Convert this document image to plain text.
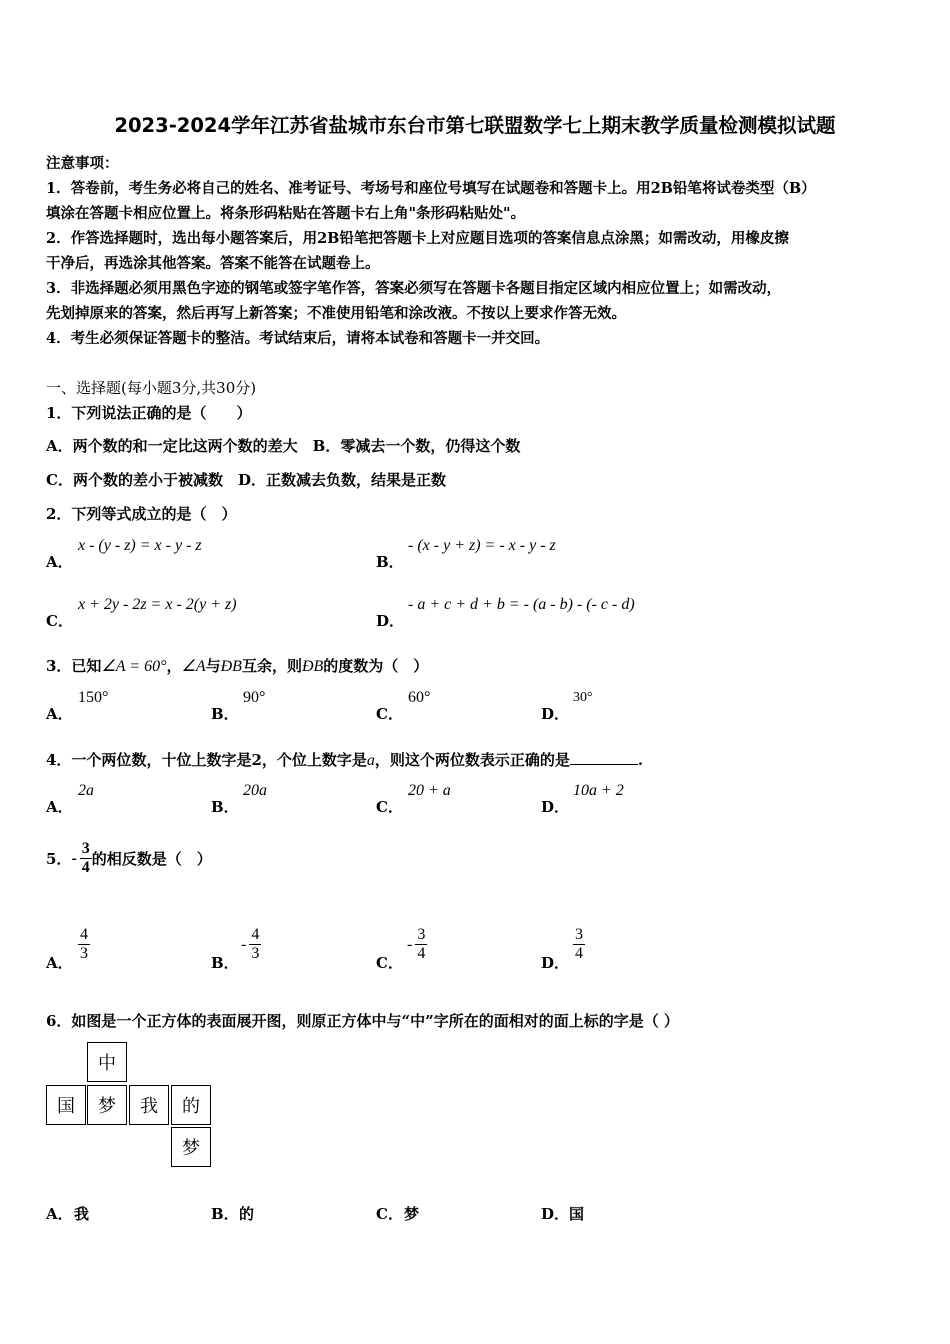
2023-2024学年江苏省盐城市东台市第七联盟数学七上期末教学质量检测模拟试题
注意事项：
1．答卷前，考生务必将自己的姓名、准考证号、考场号和座位号填写在试题卷和答题卡上。用2B铅笔将试卷类型（B）
填涂在答题卡相应位置上。将条形码粘贴在答题卡右上角"条形码粘贴处"。
2．作答选择题时，选出每小题答案后，用2B铅笔把答题卡上对应题目选项的答案信息点涂黑；如需改动，用橡皮擦
干净后，再选涂其他答案。答案不能答在试题卷上。
3．非选择题必须用黑色字迹的钢笔或签字笔作答，答案必须写在答题卡各题目指定区域内相应位置上；如需改动，
先划掉原来的答案，然后再写上新答案；不准使用铅笔和涂改液。不按以上要求作答无效。
4．考生必须保证答题卡的整洁。考试结束后，请将本试卷和答题卡一并交回。
一、选择题(每小题3分,共30分)
1．下列说法正确的是（　　）
A．两个数的和一定比这两个数的差大　B．零减去一个数，仍得这个数
C．两个数的差小于被减数　D．正数减去负数，结果是正数
2．下列等式成立的是（　）
A．
x - (y - z) = x - y - z
B．
- (x - y + z) = - x - y - z
C．
x + 2y - 2z = x - 2(y + z)
D．
- a + c + d + b = - (a - b) - (- c - d)
3．已知∠A = 60°，∠A与ÐB互余，则ÐB的度数为（　）
A．
150°
B．
90°
C．
60°
D．
30°
4．一个两位数，十位上数字是2，个位上数字是a，则这个两位数表示正确的是	.
A．
2a
B．
20a
C．
20 + a
D．
10a + 2
5． - $\frac{3}{4}$ 的相反数是（　）
A． $\frac{4}{3}$	B．
- $\frac{4}{3}$	C．
- $\frac{3}{4}$	D． $\frac{3}{4}$
6．如图是一个正方体的表面展开图，则原正方体中与“中”字所在的面相对的面上标的字是（ ）
中
国	梦	我	的
梦
A． 我	B． 的	C． 梦	D． 国
